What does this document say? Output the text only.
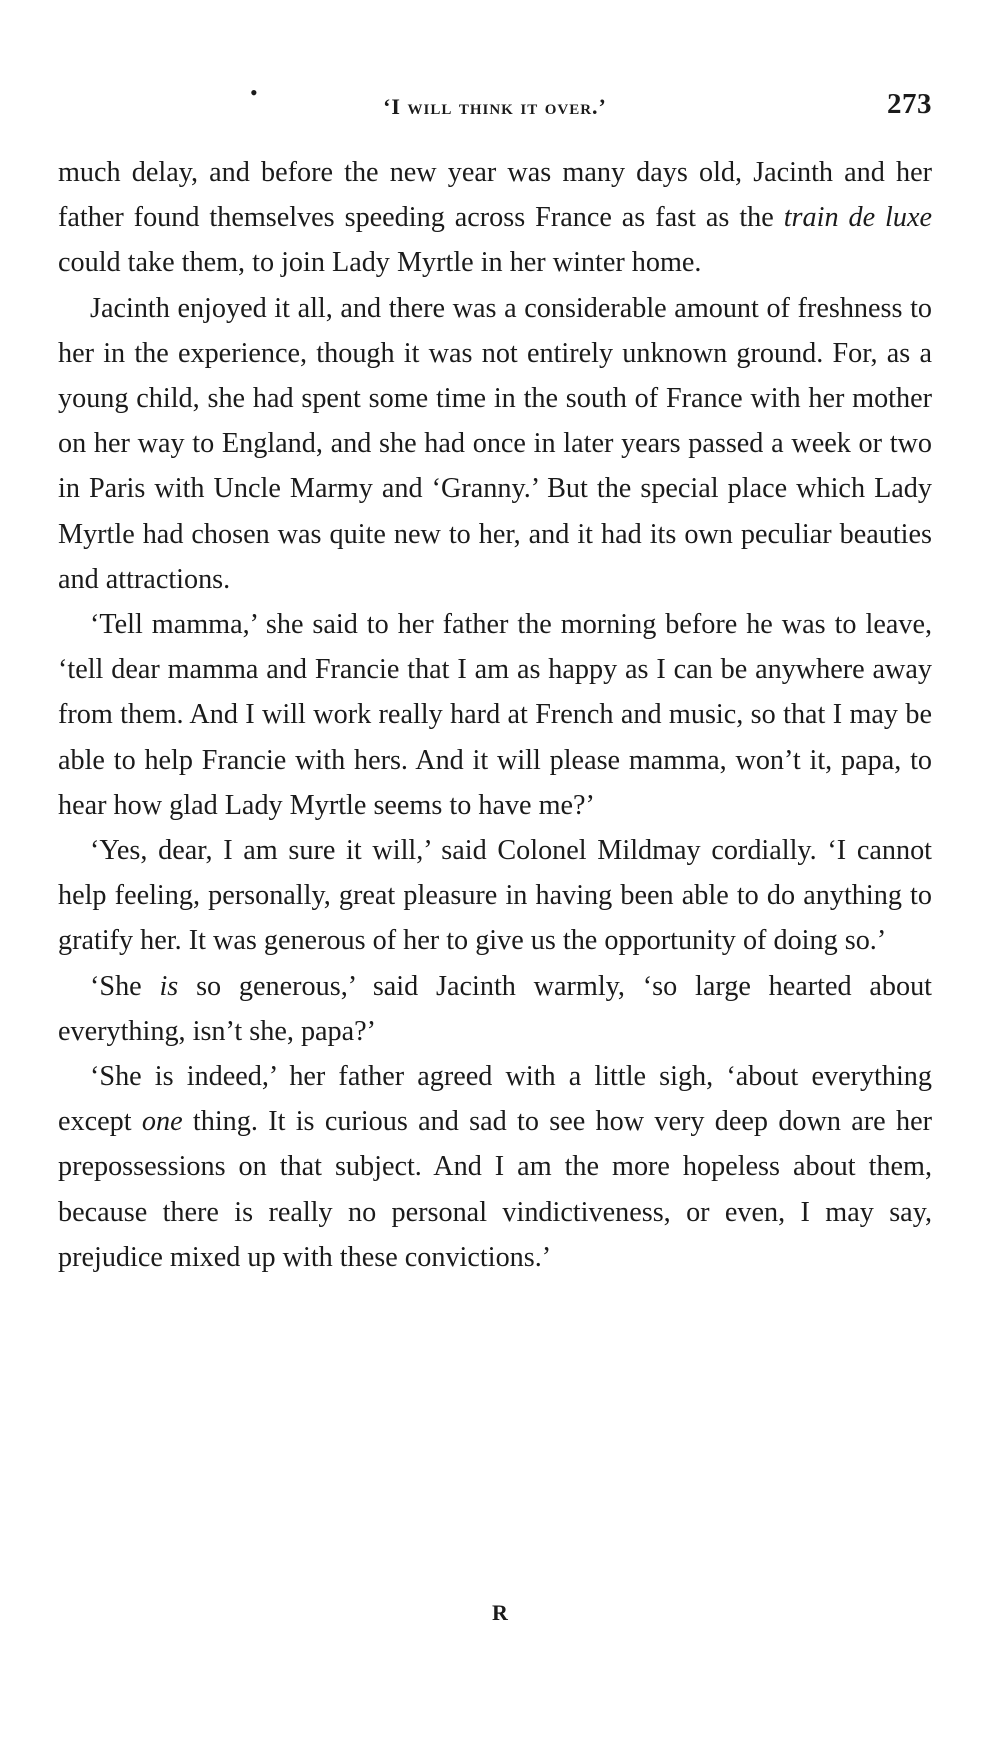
•
‘I will think it over.’	273

much delay, and before the new year was many days old, Jacinth and her father found themselves speeding across France as fast as the train de luxe could take them, to join Lady Myrtle in her winter home.

Jacinth enjoyed it all, and there was a considerable amount of freshness to her in the experience, though it was not entirely unknown ground. For, as a young child, she had spent some time in the south of France with her mother on her way to England, and she had once in later years passed a week or two in Paris with Uncle Marmy and ‘Granny.’ But the special place which Lady Myrtle had chosen was quite new to her, and it had its own peculiar beauties and attractions.

‘Tell mamma,’ she said to her father the morning before he was to leave, ‘tell dear mamma and Francie that I am as happy as I can be anywhere away from them. And I will work really hard at French and music, so that I may be able to help Francie with hers. And it will please mamma, won’t it, papa, to hear how glad Lady Myrtle seems to have me?’

‘Yes, dear, I am sure it will,’ said Colonel Mildmay cordially. ‘I cannot help feeling, personally, great pleasure in having been able to do anything to gratify her. It was generous of her to give us the opportunity of doing so.’

‘She is so generous,’ said Jacinth warmly, ‘so large hearted about everything, isn’t she, papa?’

‘She is indeed,’ her father agreed with a little sigh, ‘about everything except one thing. It is curious and sad to see how very deep down are her prepossessions on that subject. And I am the more hopeless about them, because there is really no personal vindictiveness, or even, I may say, prejudice mixed up with these convictions.’

R
